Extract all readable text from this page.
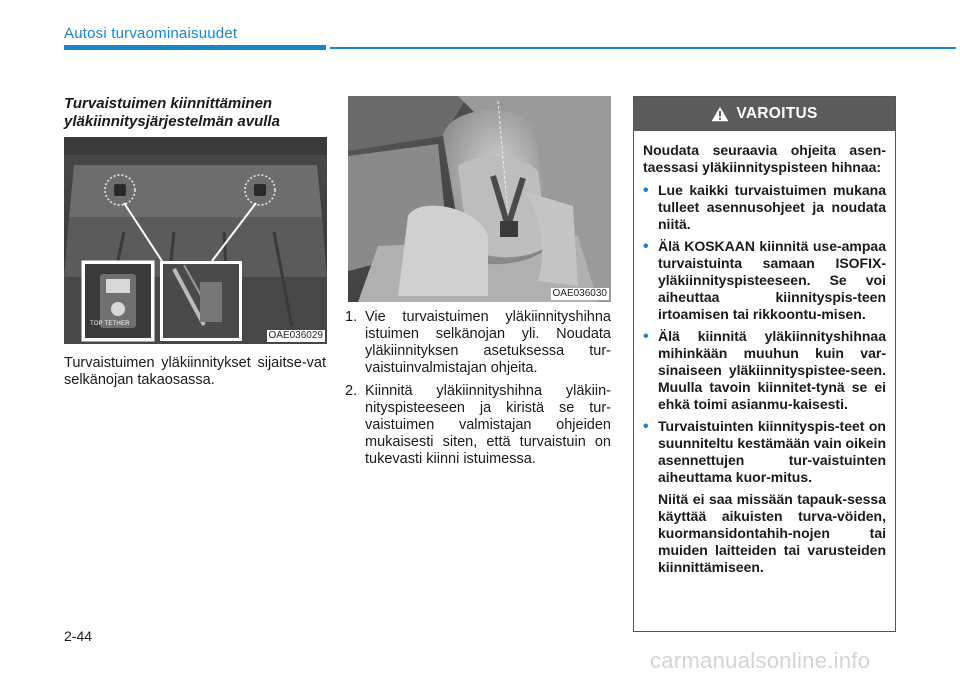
Autosi turvaominaisuudet
Turvaistuimen kiinnittäminen yläkiinnitysjärjestelmän avulla
TOP TETHER
OAE036029
Turvaistuimen yläkiinnitykset sijaitse-vat selkänojan takaosassa.
OAE036030
1. Vie turvaistuimen yläkiinnityshihna istuimen selkänojan yli. Noudata yläkiinnityksen asetuksessa tur-vaistuinvalmistajan ohjeita.
2. Kiinnitä yläkiinnityshihna yläkiin-nityspisteeseen ja kiristä se tur-vaistuimen valmistajan ohjeiden mukaisesti siten, että turvaistuin on tukevasti kiinni istuimessa.
VAROITUS
Noudata seuraavia ohjeita asen-taessasi yläkiinnityspisteen hihnaa:
• Lue kaikki turvaistuimen mukana tulleet asennusohjeet ja noudata niitä.
• Älä KOSKAAN kiinnitä use-ampaa turvaistuinta samaan ISOFIX-yläkiinnityspisteeseen. Se voi aiheuttaa kiinnityspis-teen irtoamisen tai rikkoontu-misen.
• Älä kiinnitä yläkiinnityshihnaa mihinkään muuhun kuin var-sinaiseen yläkiinnityspistee-seen. Muulla tavoin kiinnitet-tynä se ei ehkä toimi asianmu-kaisesti.
• Turvaistuinten kiinnityspis-teet on suunniteltu kestämään vain oikein asennettujen tur-vaistuinten aiheuttama kuor-mitus.
Niitä ei saa missään tapauk-sessa käyttää aikuisten turva-vöiden, kuormansidontahih-nojen tai muiden laitteiden tai varusteiden kiinnittämiseen.
2-44
carmanualsonline.info
